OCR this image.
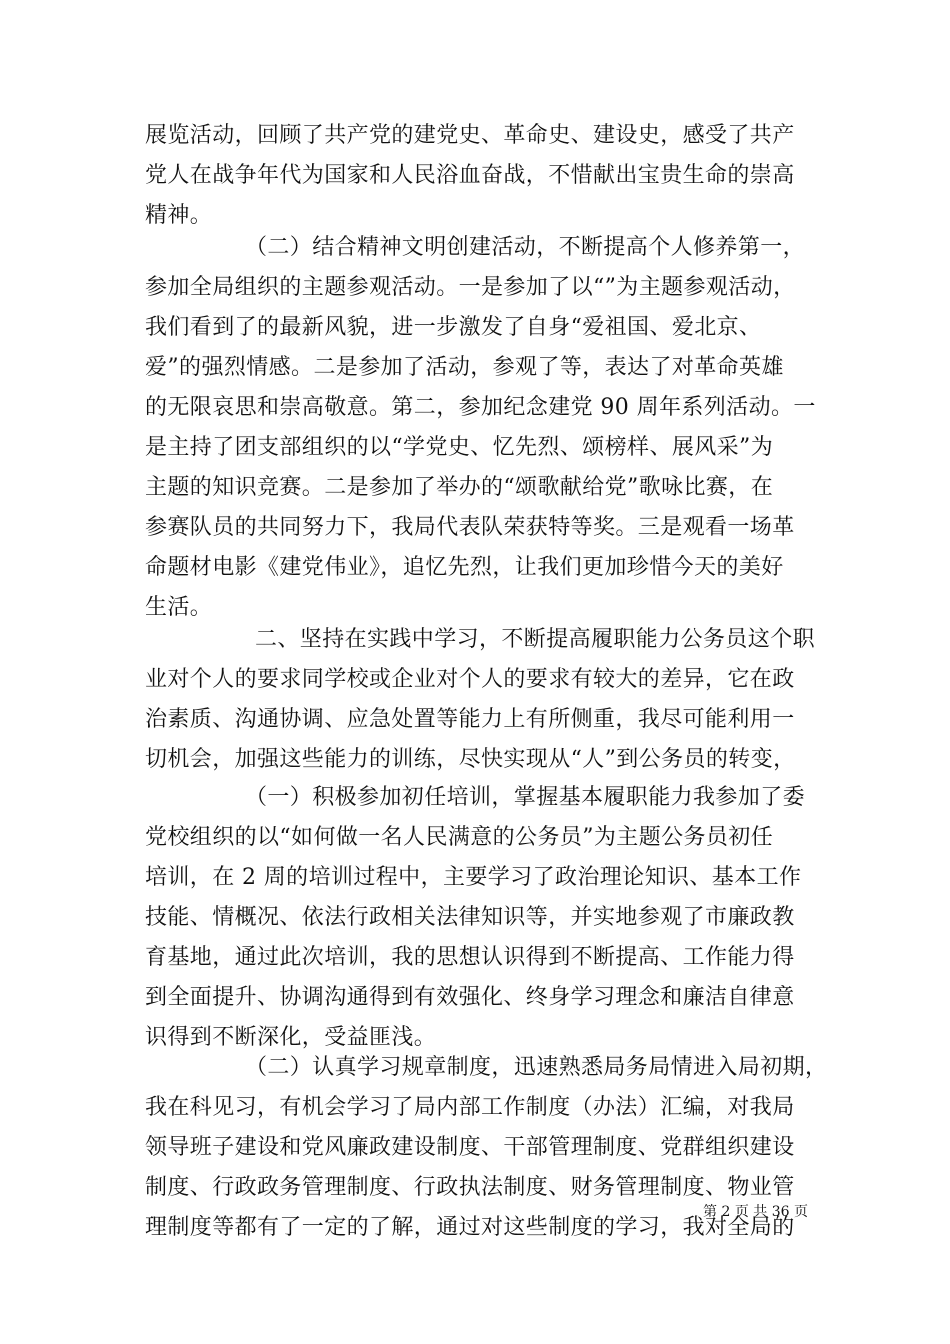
展览活动，回顾了共产党的建党史、革命史、建设史，感受了共产
党人在战争年代为国家和人民浴血奋战，不惜献出宝贵生命的崇高
精神。
（二）结合精神文明创建活动，不断提高个人修养第一，
参加全局组织的主题参观活动。一是参加了以“”为主题参观活动，
我们看到了的最新风貌，进一步激发了自身“爱祖国、爱北京、
爱”的强烈情感。二是参加了活动，参观了等，表达了对革命英雄
的无限哀思和崇高敬意。第二，参加纪念建党 90 周年系列活动。一
是主持了团支部组织的以“学党史、忆先烈、颂榜样、展风采”为
主题的知识竞赛。二是参加了举办的“颂歌献给党”歌咏比赛，在
参赛队员的共同努力下，我局代表队荣获特等奖。三是观看一场革
命题材电影《建党伟业》，追忆先烈，让我们更加珍惜今天的美好
生活。
二、坚持在实践中学习，不断提高履职能力公务员这个职
业对个人的要求同学校或企业对个人的要求有较大的差异，它在政
治素质、沟通协调、应急处置等能力上有所侧重，我尽可能利用一
切机会，加强这些能力的训练，尽快实现从“人”到公务员的转变，
（一）积极参加初任培训，掌握基本履职能力我参加了委
党校组织的以“如何做一名人民满意的公务员”为主题公务员初任
培训，在 2 周的培训过程中，主要学习了政治理论知识、基本工作
技能、情概况、依法行政相关法律知识等，并实地参观了市廉政教
育基地，通过此次培训，我的思想认识得到不断提高、工作能力得
到全面提升、协调沟通得到有效强化、终身学习理念和廉洁自律意
识得到不断深化，受益匪浅。
（二）认真学习规章制度，迅速熟悉局务局情进入局初期，
我在科见习，有机会学习了局内部工作制度（办法）汇编，对我局
领导班子建设和党风廉政建设制度、干部管理制度、党群组织建设
制度、行政政务管理制度、行政执法制度、财务管理制度、物业管
理制度等都有了一定的了解，通过对这些制度的学习，我对全局的
第 2 页 共 36 页
